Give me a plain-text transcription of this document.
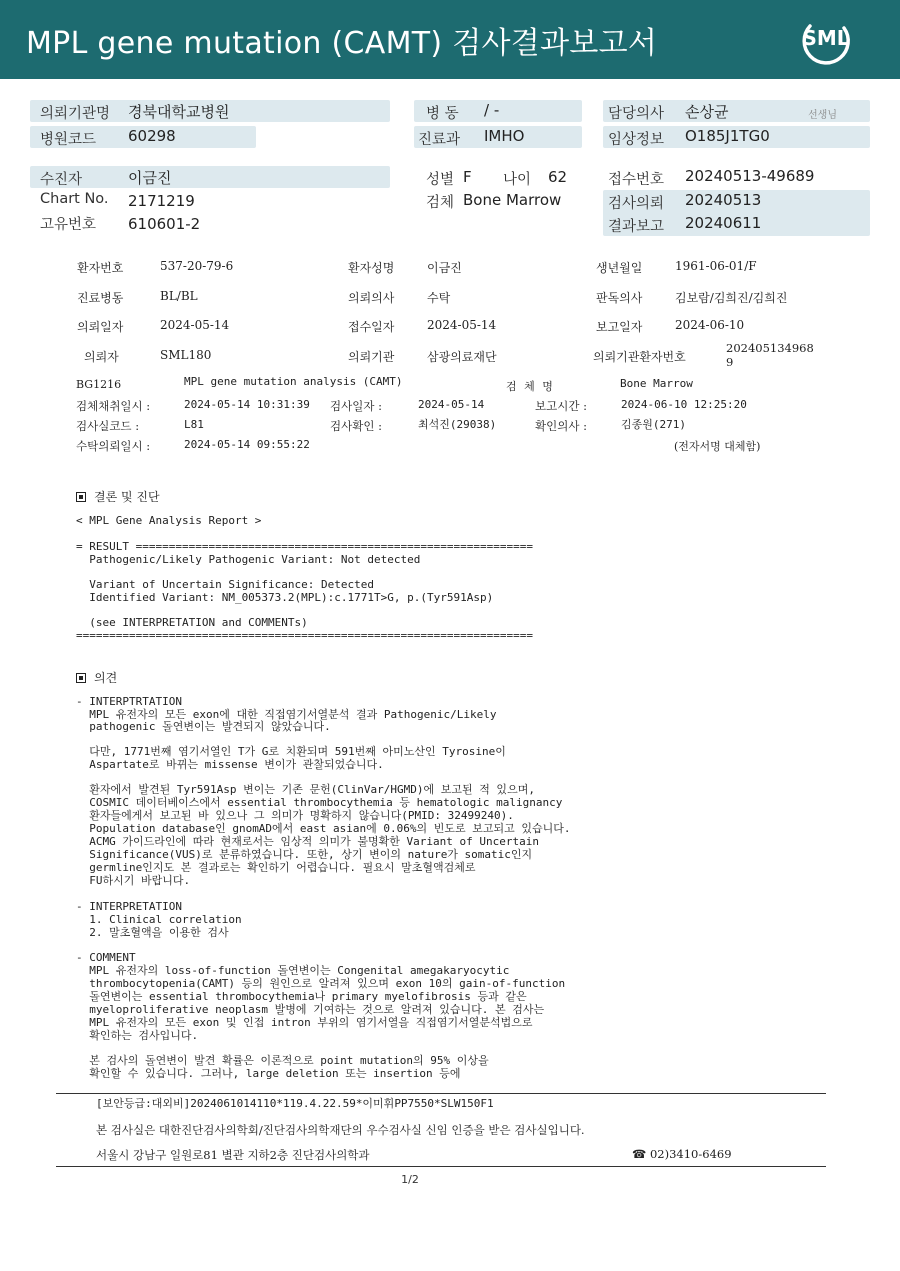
MPL gene mutation (CAMT) 검사결과보고서	SML
의뢰기관명 경북대학교병원
병원코드 60298
병 동 / -
진료과 IMHO
담당의사 손상균	선생님
임상정보 O185J1TG0
수진자	이금진
Chart No. 2171219
고유번호 610601-2
성별 F 나이 62
검체 Bone Marrow
접수번호 20240513-49689
검사의뢰 20240513
결과보고 20240611
환자번호	537-20-79-6	환자성명	이금진	생년월일	1961-06-01/F
진료병동	BL/BL	의뢰의사	수탁	판독의사	김보람/김희진/김희진
의뢰일자	2024-05-14	접수일자	2024-05-14	보고일자	2024-06-10
의뢰자	SML180	의뢰기관	삼광의료재단	의뢰기관환자번호
202405134968
9
BG1216	MPL gene mutation analysis (CAMT)	검 체 명	Bone Marrow
검체채취일시 :	2024-05-14 10:31:39 검사일자 :	2024-05-14	보고시간 :	2024-06-10 12:25:20
검사실코드 :	L81	검사확인 :	최석진(29038)	확인의사 :	김종원(271)
수탁의뢰일시 :	2024-05-14 09:55:22	(전자서명 대체함)
결론 및 진단
< MPL Gene Analysis Report >
= RESULT ============================================================
Pathogenic/Likely Pathogenic Variant: Not detected
Variant of Uncertain Significance: Detected
Identified Variant: NM_005373.2(MPL):c.1771T>G, p.(Tyr591Asp)
(see INTERPRETATION and COMMENTs)
=====================================================================
의견
- INTERPTRTATION
MPL 유전자의 모든 exon에 대한 직접염기서열분석 결과 Pathogenic/Likely
pathogenic 돌연변이는 발견되지 않았습니다.
다만, 1771번째 염기서열인 T가 G로 치환되며 591번째 아미노산인 Tyrosine이
Aspartate로 바뀌는 missense 변이가 관찰되었습니다.
환자에서 발견된 Tyr591Asp 변이는 기존 문헌(ClinVar/HGMD)에 보고된 적 있으며,
COSMIC 데이터베이스에서 essential thrombocythemia 등 hematologic malignancy
환자들에게서 보고된 바 있으나 그 의미가 명확하지 않습니다(PMID: 32499240).
Population database인 gnomAD에서 east asian에 0.06%의 빈도로 보고되고 있습니다.
ACMG 가이드라인에 따라 현재로서는 임상적 의미가 불명확한 Variant of Uncertain
Significance(VUS)로 분류하였습니다. 또한, 상기 변이의 nature가 somatic인지
germline인지도 본 결과로는 확인하기 어렵습니다. 필요시 말초혈액검체로
FU하시기 바랍니다.
- INTERPRETATION
1. Clinical correlation
2. 말초혈액을 이용한 검사
- COMMENT
MPL 유전자의 loss-of-function 돌연변이는 Congenital amegakaryocytic
thrombocytopenia(CAMT) 등의 원인으로 알려져 있으며 exon 10의 gain-of-function
돌연변이는 essential thrombocythemia나 primary myelofibrosis 등과 같은
myeloproliferative neoplasm 발병에 기여하는 것으로 알려져 있습니다. 본 검사는
MPL 유전자의 모든 exon 및 인접 intron 부위의 염기서열을 직접염기서열분석법으로
확인하는 검사입니다.
본 검사의 돌연변이 발견 확률은 이론적으로 point mutation의 95% 이상을
확인할 수 있습니다. 그러나, large deletion 또는 insertion 등에
[보안등급:대외비]2024061014110*119.4.22.59*이미휘PP7550*SLW150F1
본 검사실은 대한진단검사의학회/진단검사의학재단의 우수검사실 신임 인증을 받은 검사실입니다.
서울시 강남구 일원로81 별관 지하2층 진단검사의학과	☎ 02)3410-6469
1/2
